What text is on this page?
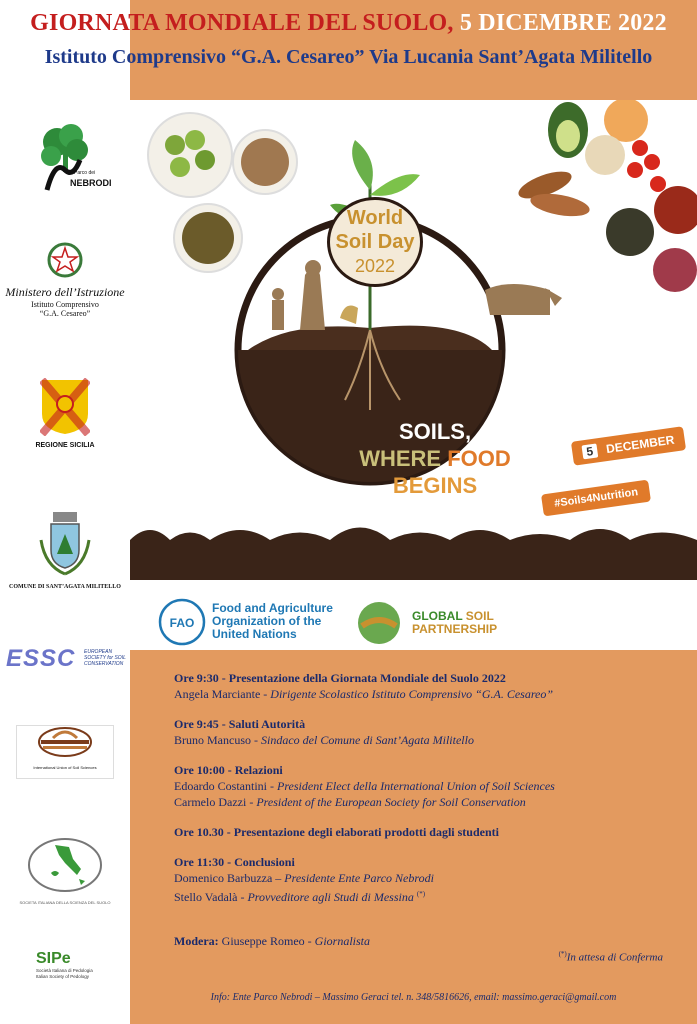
GIORNATA MONDIALE DEL SUOLO, 5 DICEMBRE 2022
Istituto Comprensivo “G.A. Cesareo” Via Lucania Sant’Agata Militello
Parco dei
NEBRODI
Ministero dell’Istruzione
Istituto Comprensivo
“G.A. Cesareo”
REGIONE SICILIA
COMUNE DI SANT’AGATA MILITELLO
ESSC EUROPEAN SOCIETY for SOIL CONSERVATION
International Union of Soil Sciences
SOCIETA ITALIANA DELLA SCIENZA DEL SUOLO
SIPe
Società Italiana di Pedologia
Italian Society of Pedology
World
Soil Day
2022
SOILS,
WHERE FOOD
BEGINS
5 DECEMBER
#Soils4Nutrition
FAO
Food and Agriculture
Organization of the
United Nations
GLOBAL SOIL
PARTNERSHIP
Ore 9:30 - Presentazione della Giornata Mondiale del Suolo 2022
Angela Marciante - Dirigente Scolastico Istituto Comprensivo “G.A. Cesareo”
Ore 9:45 - Saluti Autorità
Bruno Mancuso - Sindaco del Comune di Sant’Agata Militello
Ore 10:00 - Relazioni
Edoardo Costantini - President Elect della International Union of Soil Sciences
Carmelo Dazzi - President of the European Society for Soil Conservation
Ore 10.30 - Presentazione degli elaborati prodotti dagli studenti
Ore 11:30 - Conclusioni
Domenico Barbuzza – Presidente Ente Parco Nebrodi
Stello Vadalà - Provveditore agli Studi di Messina (*)
Modera: Giuseppe Romeo - Giornalista
(*)In attesa di Conferma
Info: Ente Parco Nebrodi – Massimo Geraci tel. n. 348/5816626, email: massimo.geraci@gmail.com
